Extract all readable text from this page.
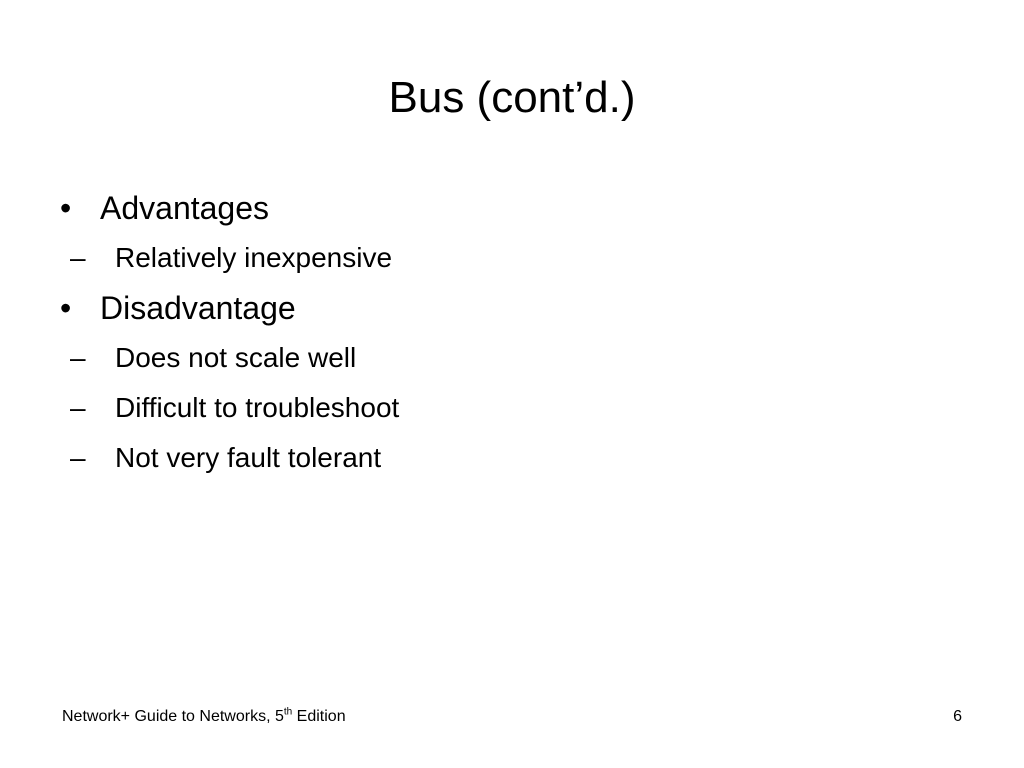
Bus (cont’d.)
• Advantages
– Relatively inexpensive
• Disadvantage
– Does not scale well
– Difficult to troubleshoot
– Not very fault tolerant
Network+ Guide to Networks, 5th Edition	6
